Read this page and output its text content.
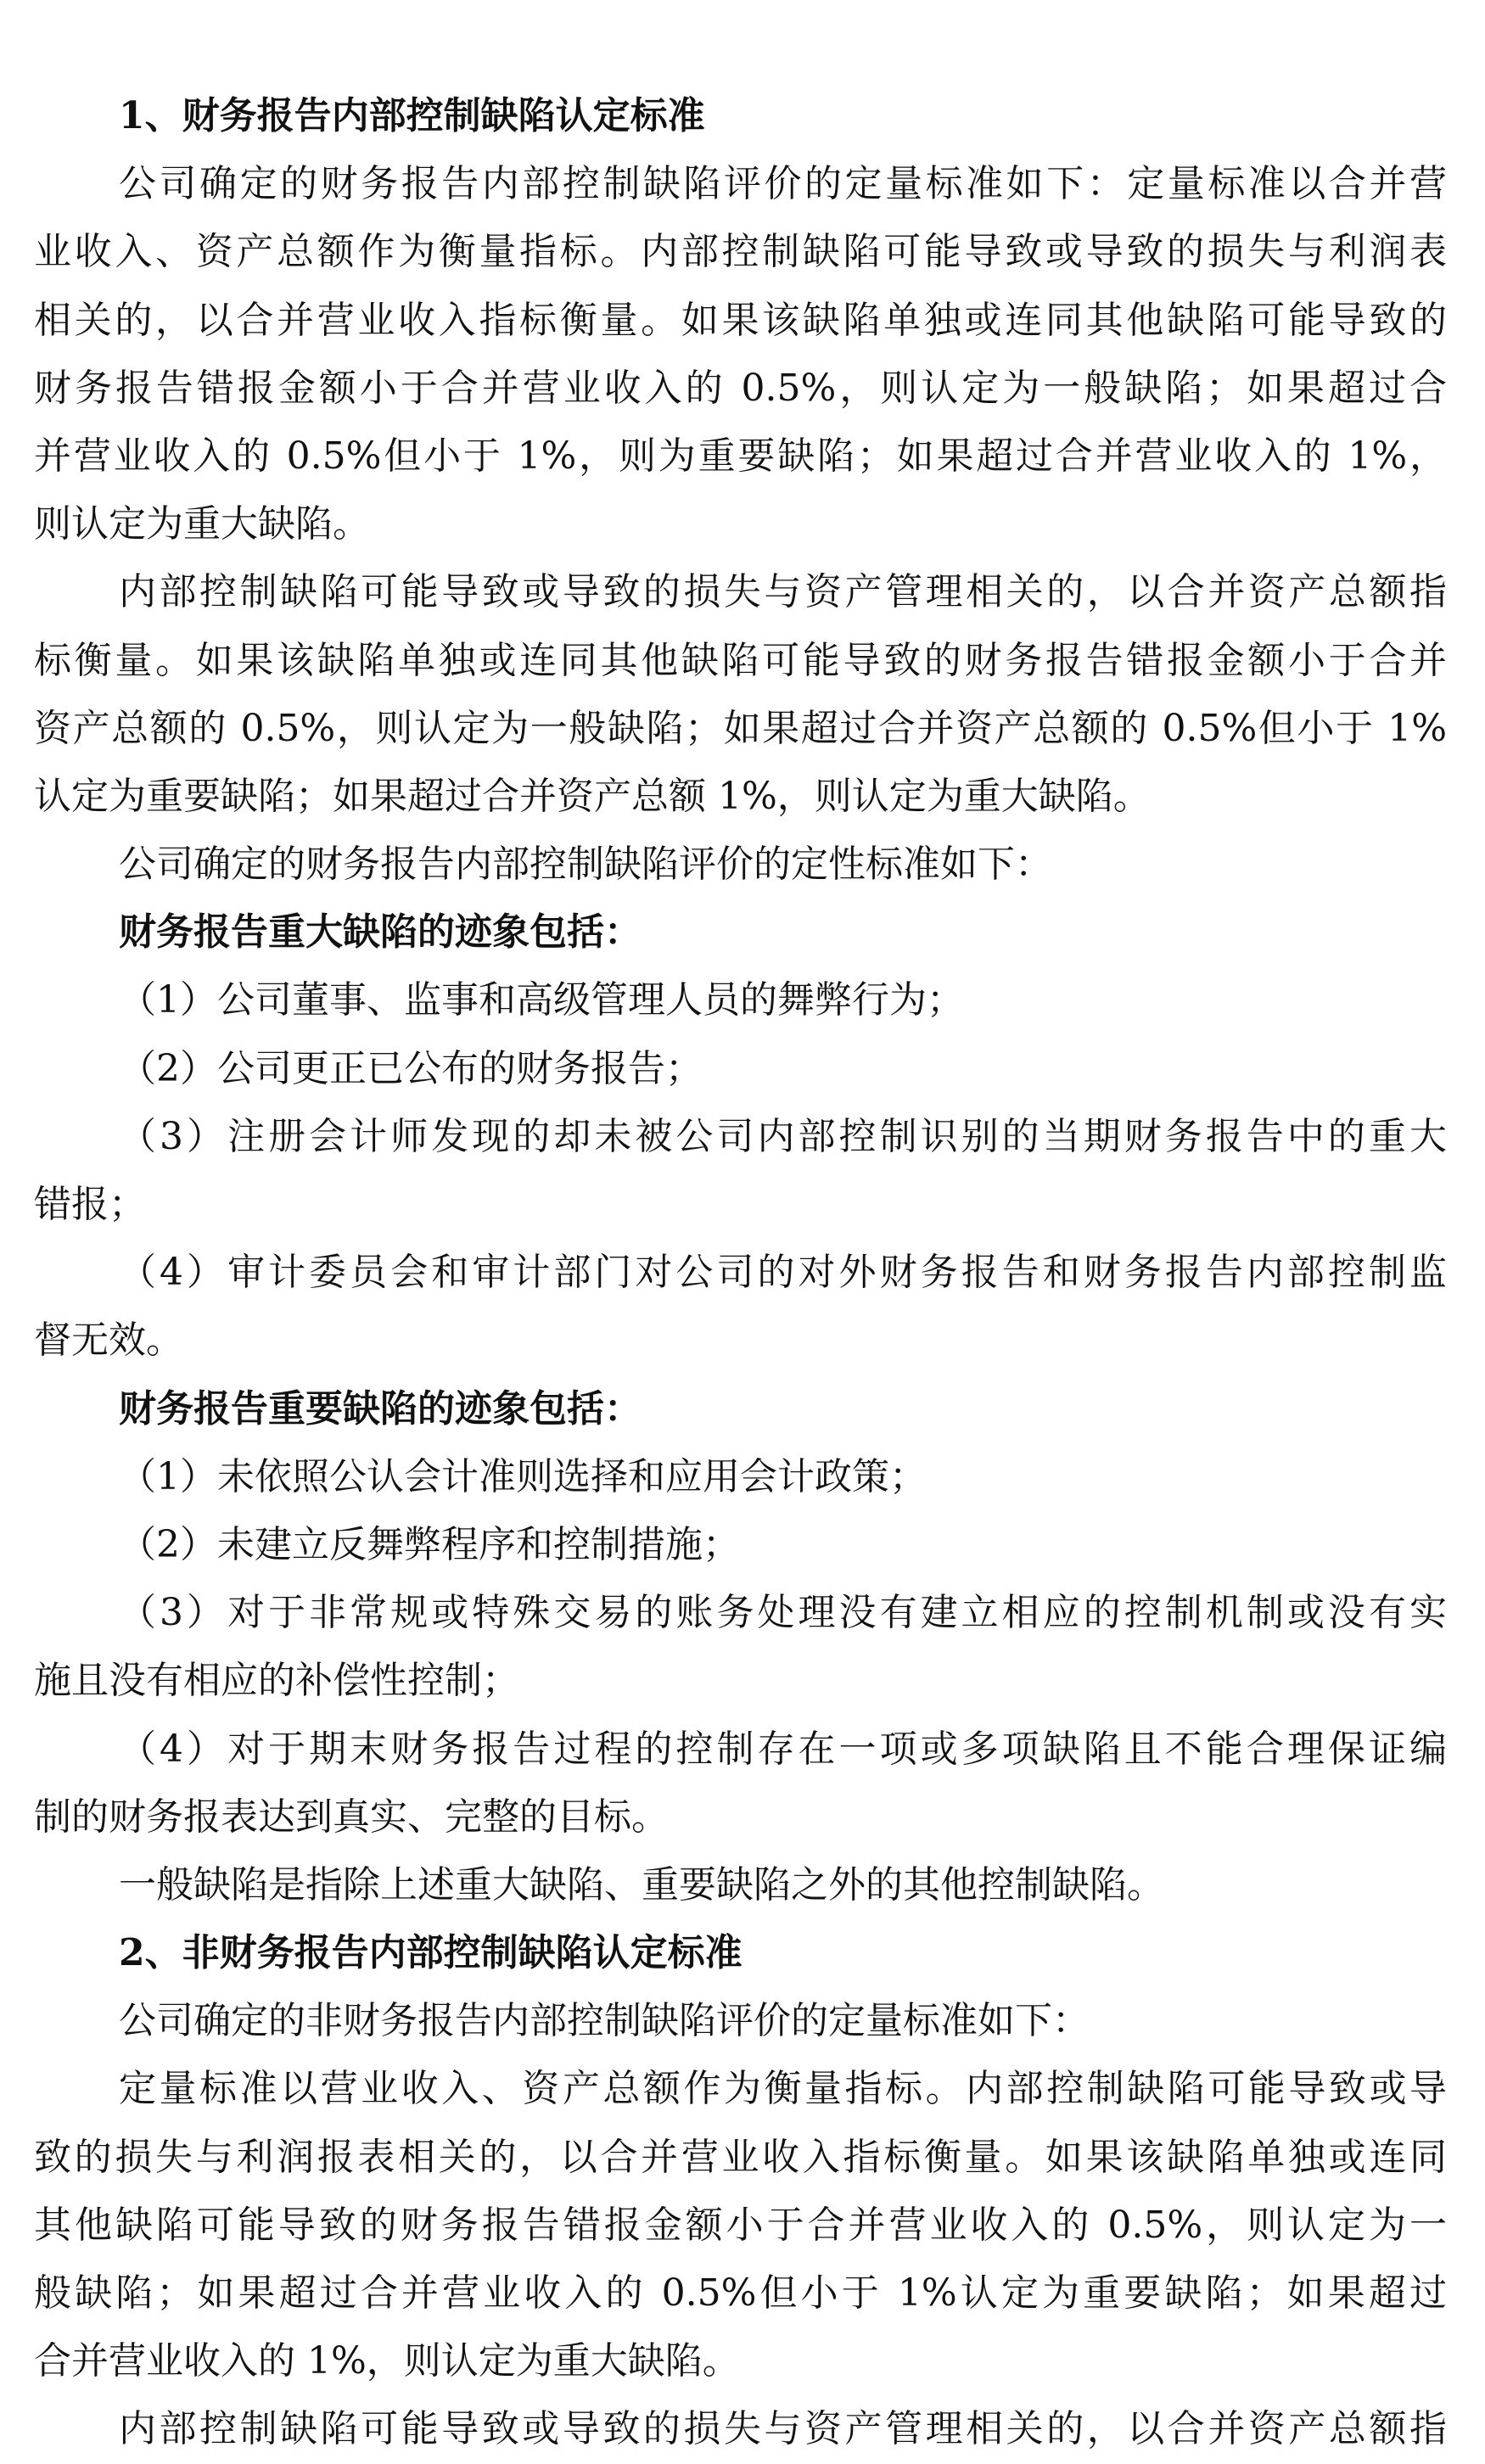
1、财务报告内部控制缺陷认定标准
公司确定的财务报告内部控制缺陷评价的定量标准如下：定量标准以合并营
业收入、资产总额作为衡量指标。内部控制缺陷可能导致或导致的损失与利润表
相关的，以合并营业收入指标衡量。如果该缺陷单独或连同其他缺陷可能导致的
财务报告错报金额小于合并营业收入的 0.5%，则认定为一般缺陷；如果超过合
并营业收入的 0.5%但小于 1%，则为重要缺陷；如果超过合并营业收入的 1%，
则认定为重大缺陷。
内部控制缺陷可能导致或导致的损失与资产管理相关的，以合并资产总额指
标衡量。如果该缺陷单独或连同其他缺陷可能导致的财务报告错报金额小于合并
资产总额的 0.5%，则认定为一般缺陷；如果超过合并资产总额的 0.5%但小于 1%
认定为重要缺陷；如果超过合并资产总额 1%，则认定为重大缺陷。
公司确定的财务报告内部控制缺陷评价的定性标准如下：
财务报告重大缺陷的迹象包括：
（1）公司董事、监事和高级管理人员的舞弊行为；
（2）公司更正已公布的财务报告；
（3）注册会计师发现的却未被公司内部控制识别的当期财务报告中的重大
错报；
（4）审计委员会和审计部门对公司的对外财务报告和财务报告内部控制监
督无效。
财务报告重要缺陷的迹象包括：
（1）未依照公认会计准则选择和应用会计政策；
（2）未建立反舞弊程序和控制措施；
（3）对于非常规或特殊交易的账务处理没有建立相应的控制机制或没有实
施且没有相应的补偿性控制；
（4）对于期末财务报告过程的控制存在一项或多项缺陷且不能合理保证编
制的财务报表达到真实、完整的目标。
一般缺陷是指除上述重大缺陷、重要缺陷之外的其他控制缺陷。
2、非财务报告内部控制缺陷认定标准
公司确定的非财务报告内部控制缺陷评价的定量标准如下：
定量标准以营业收入、资产总额作为衡量指标。内部控制缺陷可能导致或导
致的损失与利润报表相关的，以合并营业收入指标衡量。如果该缺陷单独或连同
其他缺陷可能导致的财务报告错报金额小于合并营业收入的 0.5%，则认定为一
般缺陷；如果超过合并营业收入的 0.5%但小于 1%认定为重要缺陷；如果超过
合并营业收入的 1%，则认定为重大缺陷。
内部控制缺陷可能导致或导致的损失与资产管理相关的，以合并资产总额指
